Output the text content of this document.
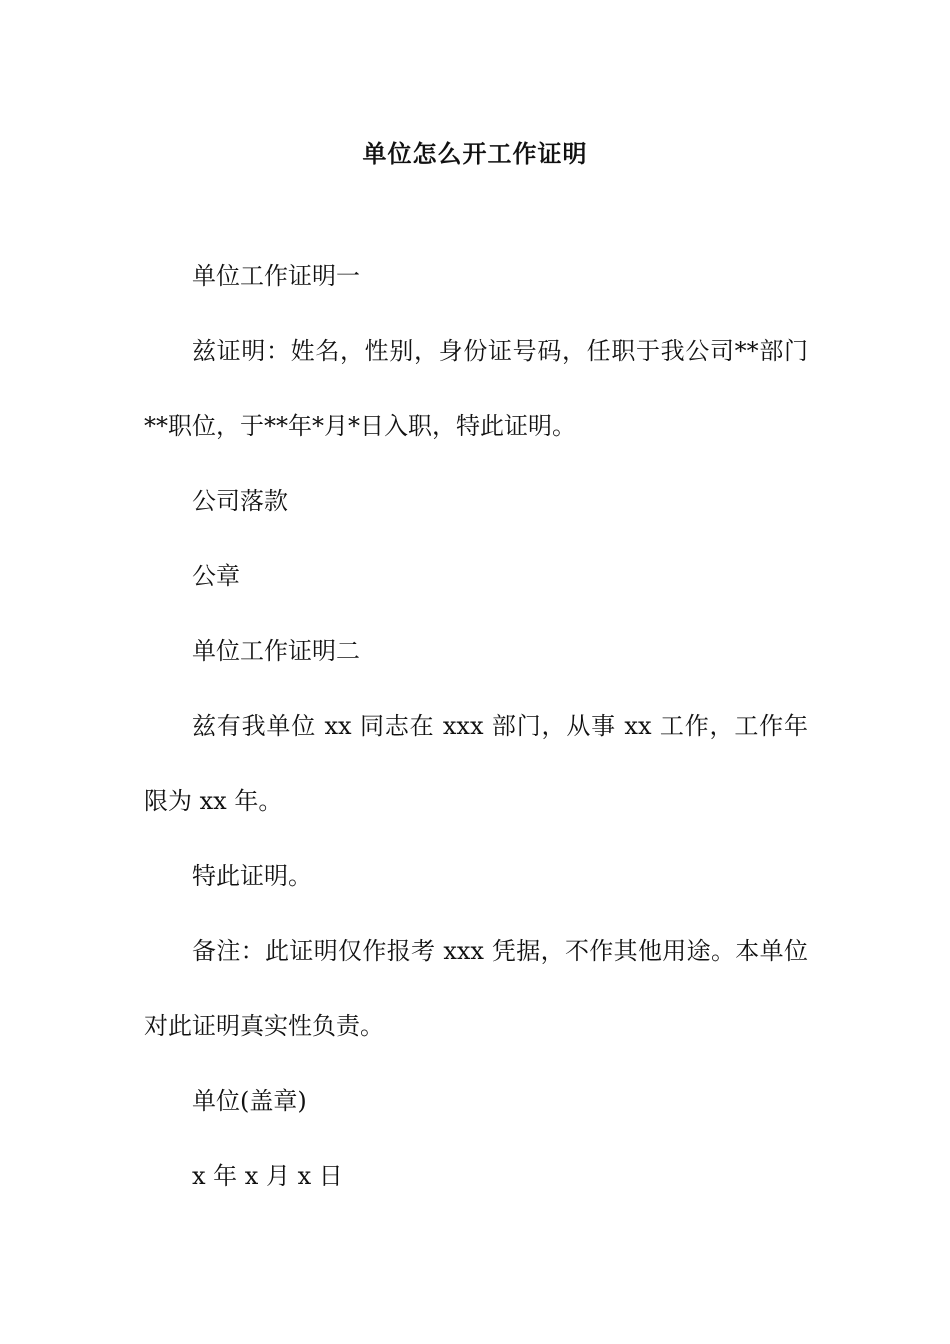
单位怎么开工作证明

单位工作证明一

兹证明：姓名，性别，身份证号码，任职于我公司**部门**职位，于**年*月*日入职，特此证明。

公司落款

公章

单位工作证明二

兹有我单位 xx 同志在 xxx 部门，从事 xx 工作，工作年限为 xx 年。

特此证明。

备注：此证明仅作报考 xxx 凭据，不作其他用途。本单位对此证明真实性负责。

单位(盖章)

x 年 x 月 x 日
